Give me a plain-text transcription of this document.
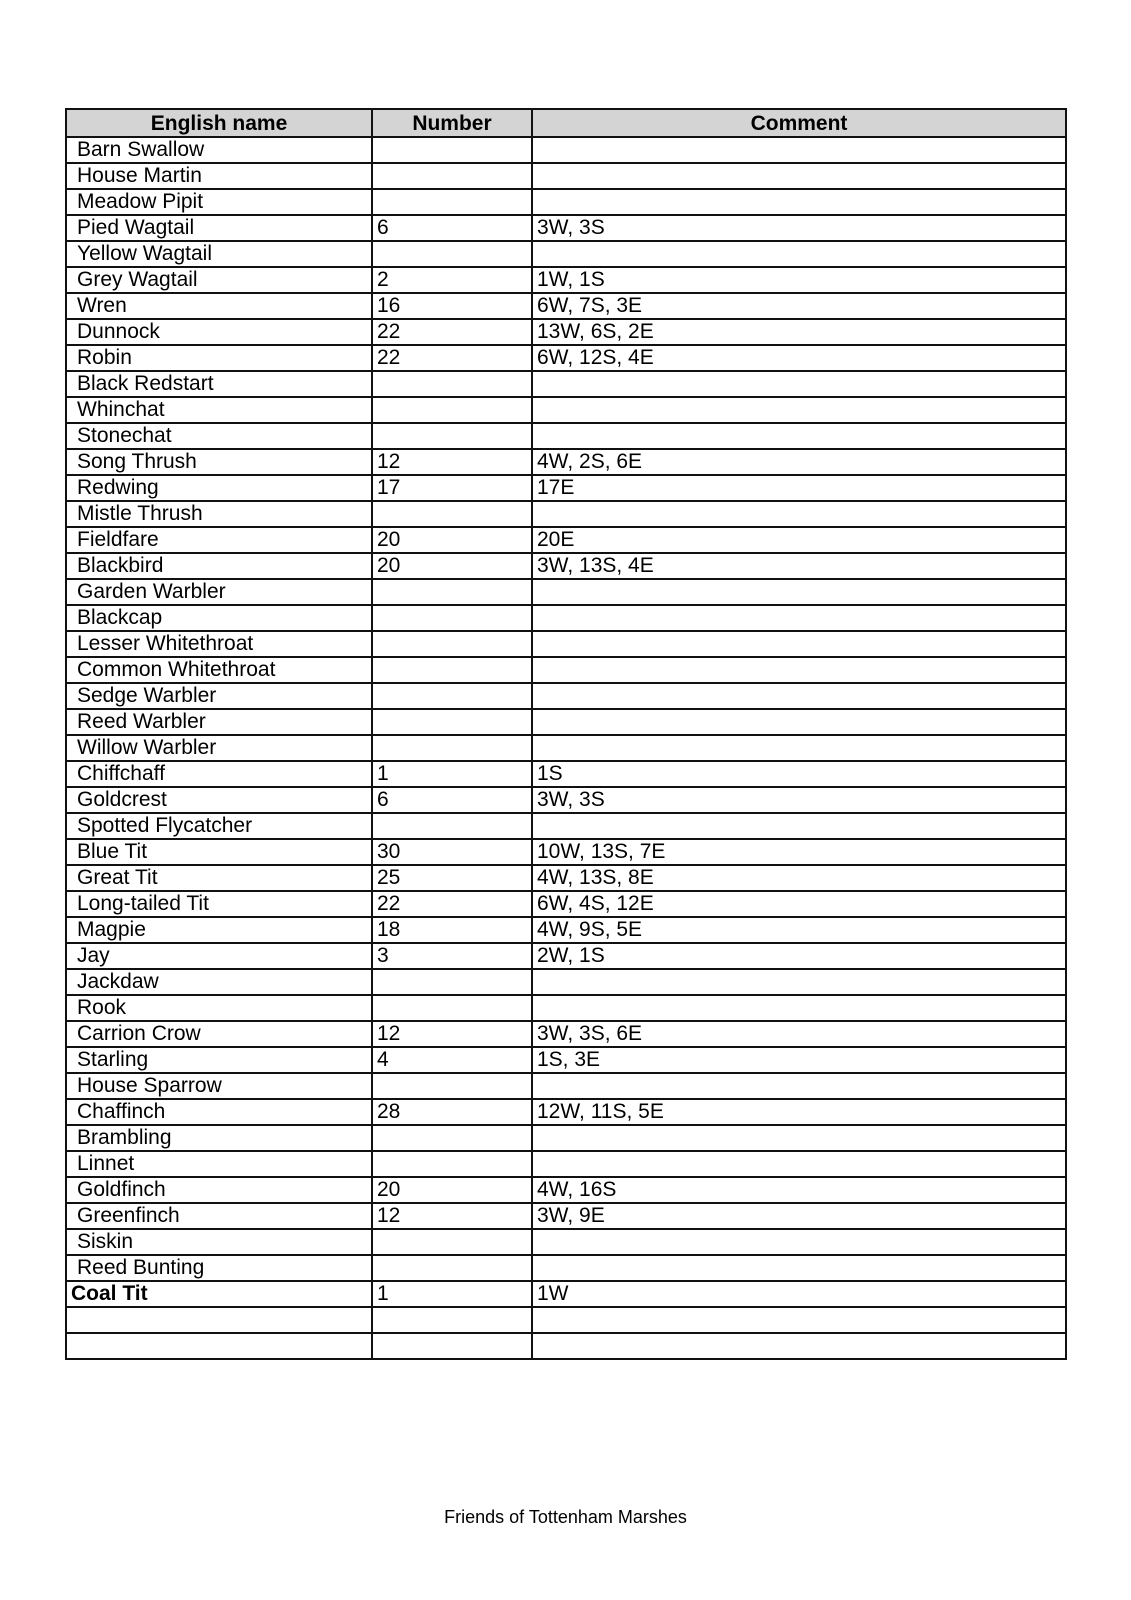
English name	Number	Comment
Barn Swallow		
House Martin		
Meadow Pipit		
Pied Wagtail	6	3W, 3S
Yellow Wagtail		
Grey Wagtail	2	1W, 1S
Wren	16	6W, 7S, 3E
Dunnock	22	13W, 6S, 2E
Robin	22	6W, 12S, 4E
Black Redstart		
Whinchat		
Stonechat		
Song Thrush	12	4W, 2S, 6E
Redwing	17	17E
Mistle Thrush		
Fieldfare	20	20E
Blackbird	20	3W, 13S, 4E
Garden Warbler		
Blackcap		
Lesser Whitethroat		
Common Whitethroat		
Sedge Warbler		
Reed Warbler		
Willow Warbler		
Chiffchaff	1	1S
Goldcrest	6	3W, 3S
Spotted Flycatcher		
Blue Tit	30	10W, 13S, 7E
Great Tit	25	4W, 13S, 8E
Long-tailed Tit	22	6W, 4S, 12E
Magpie	18	4W, 9S, 5E
Jay	3	2W, 1S
Jackdaw		
Rook		
Carrion Crow	12	3W, 3S, 6E
Starling	4	1S, 3E
House Sparrow		
Chaffinch	28	12W, 11S, 5E
Brambling		
Linnet		
Goldfinch	20	4W, 16S
Greenfinch	12	3W, 9E
Siskin		
Reed Bunting		
Coal Tit	1	1W

Friends of Tottenham Marshes
